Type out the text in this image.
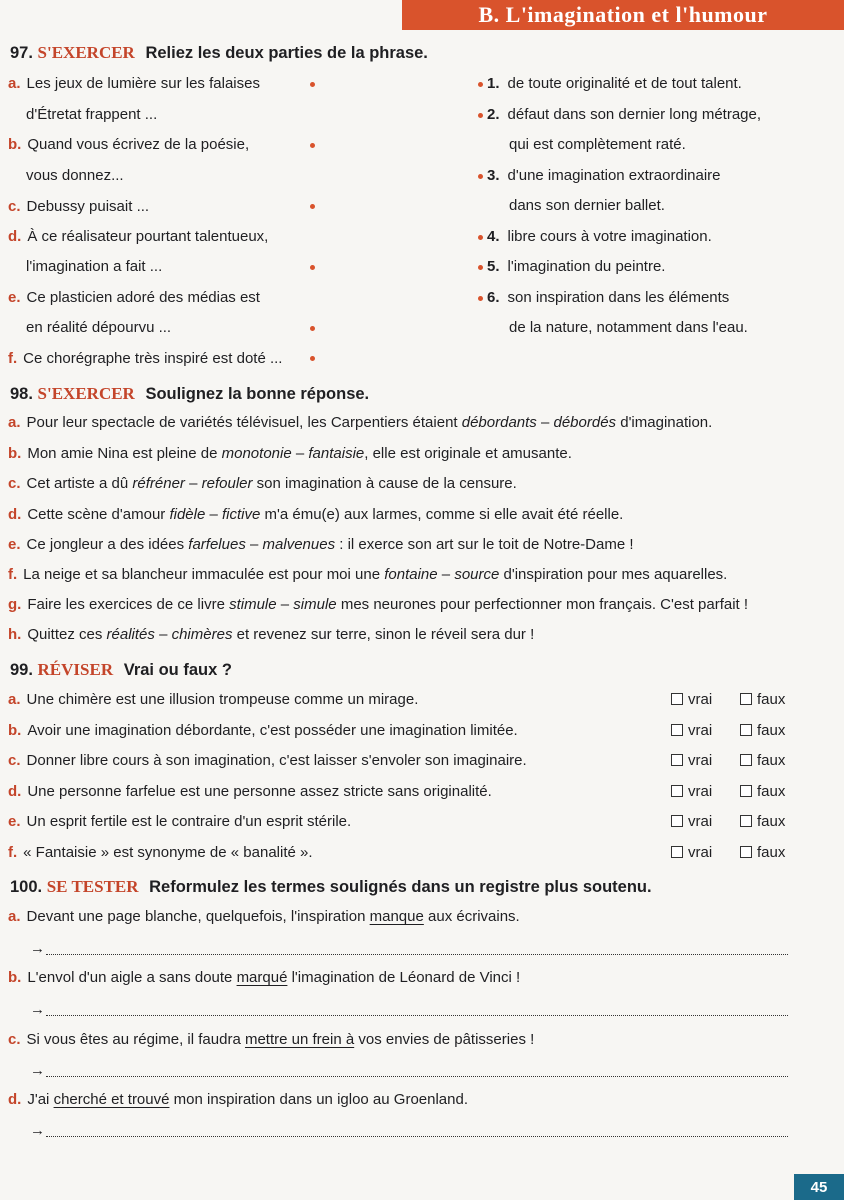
B. L'imagination et l'humour
97. S'EXERCER Reliez les deux parties de la phrase.
a. Les jeux de lumière sur les falaises
d'Étretat frappent ...
b. Quand vous écrivez de la poésie,
vous donnez...
c. Debussy puisait ...
d. À ce réalisateur pourtant talentueux,
l'imagination a fait ...
e. Ce plasticien adoré des médias est
en réalité dépourvu ...
f. Ce chorégraphe très inspiré est doté ...
1. de toute originalité et de tout talent.
2. défaut dans son dernier long métrage,
qui est complètement raté.
3. d'une imagination extraordinaire
dans son dernier ballet.
4. libre cours à votre imagination.
5. l'imagination du peintre.
6. son inspiration dans les éléments
de la nature, notamment dans l'eau.
98. S'EXERCER Soulignez la bonne réponse.
a. Pour leur spectacle de variétés télévisuel, les Carpentiers étaient débordants – débordés d'imagination.
b. Mon amie Nina est pleine de monotonie – fantaisie, elle est originale et amusante.
c. Cet artiste a dû réfréner – refouler son imagination à cause de la censure.
d. Cette scène d'amour fidèle – fictive m'a ému(e) aux larmes, comme si elle avait été réelle.
e. Ce jongleur a des idées farfelues – malvenues : il exerce son art sur le toit de Notre-Dame !
f. La neige et sa blancheur immaculée est pour moi une fontaine – source d'inspiration pour mes aquarelles.
g. Faire les exercices de ce livre stimule – simule mes neurones pour perfectionner mon français. C'est parfait !
h. Quittez ces réalités – chimères et revenez sur terre, sinon le réveil sera dur !
99. RÉVISER Vrai ou faux ?
a. Une chimère est une illusion trompeuse comme un mirage.	vrai	faux
b. Avoir une imagination débordante, c'est posséder une imagination limitée.	vrai	faux
c. Donner libre cours à son imagination, c'est laisser s'envoler son imaginaire.	vrai	faux
d. Une personne farfelue est une personne assez stricte sans originalité.	vrai	faux
e. Un esprit fertile est le contraire d'un esprit stérile.	vrai	faux
f. « Fantaisie » est synonyme de « banalité ».	vrai	faux
100. SE TESTER Reformulez les termes soulignés dans un registre plus soutenu.
a. Devant une page blanche, quelquefois, l'inspiration manque aux écrivains.
→
b. L'envol d'un aigle a sans doute marqué l'imagination de Léonard de Vinci !
→
c. Si vous êtes au régime, il faudra mettre un frein à vos envies de pâtisseries !
→
d. J'ai cherché et trouvé mon inspiration dans un igloo au Groenland.
→
45
